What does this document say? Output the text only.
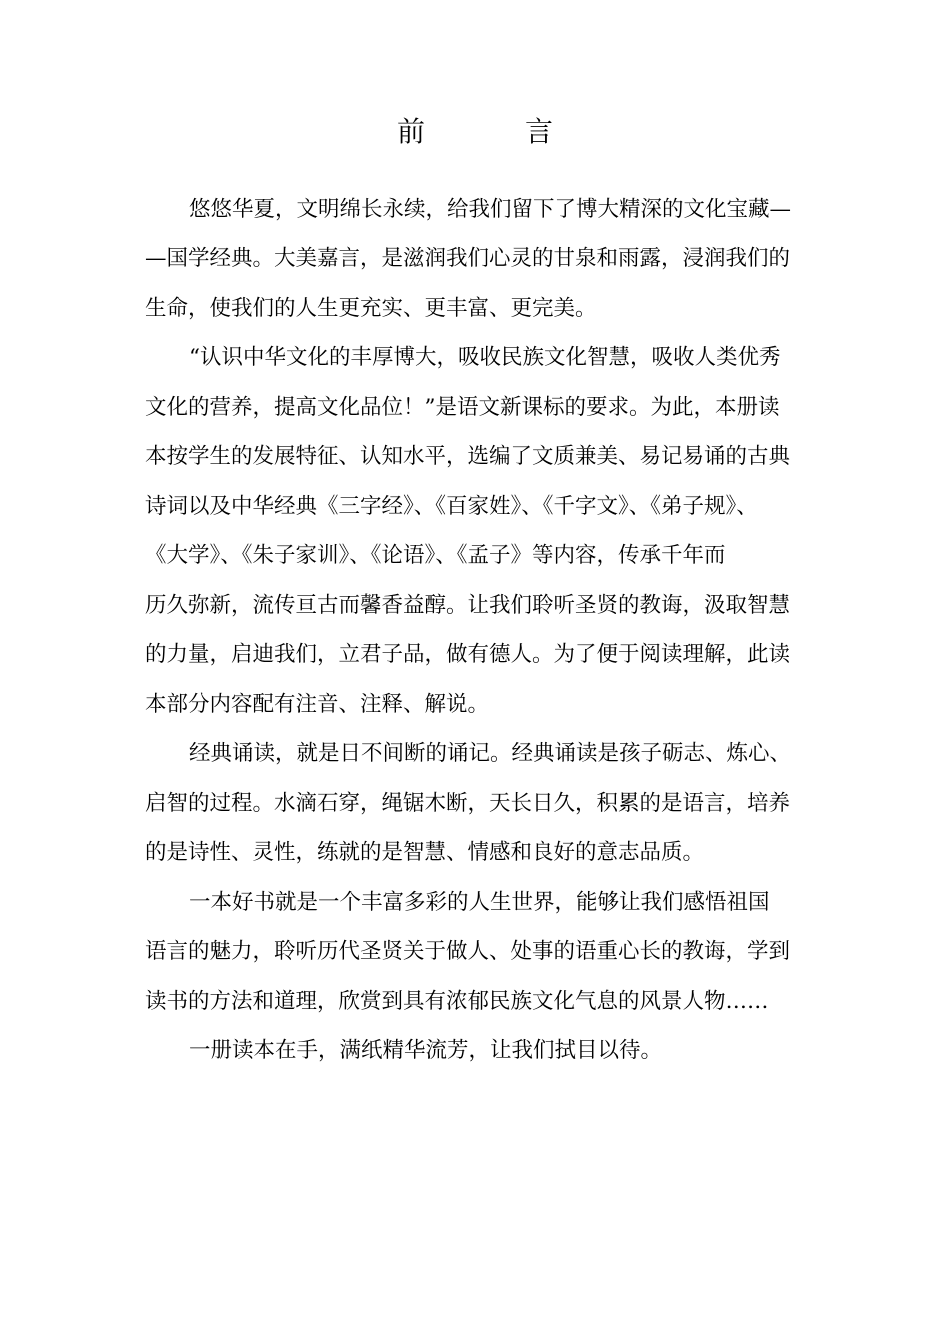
前　言

悠悠华夏，文明绵长永续，给我们留下了博大精深的文化宝藏—

—国学经典。大美嘉言，是滋润我们心灵的甘泉和雨露，浸润我们的

生命，使我们的人生更充实、更丰富、更完美。

“认识中华文化的丰厚博大，吸收民族文化智慧，吸收人类优秀

文化的营养，提高文化品位！”是语文新课标的要求。为此，本册读

本按学生的发展特征、认知水平，选编了文质兼美、易记易诵的古典

诗词以及中华经典《三字经》、《百家姓》、《千字文》、《弟子规》、

《大学》、《朱子家训》、《论语》、《孟子》等内容，传承千年而

历久弥新，流传亘古而馨香益醇。让我们聆听圣贤的教诲，汲取智慧

的力量，启迪我们，立君子品，做有德人。为了便于阅读理解，此读

本部分内容配有注音、注释、解说。

经典诵读，就是日不间断的诵记。经典诵读是孩子砺志、炼心、

启智的过程。水滴石穿，绳锯木断，天长日久，积累的是语言，培养

的是诗性、灵性，练就的是智慧、情感和良好的意志品质。

一本好书就是一个丰富多彩的人生世界，能够让我们感悟祖国

语言的魅力，聆听历代圣贤关于做人、处事的语重心长的教诲，学到

读书的方法和道理，欣赏到具有浓郁民族文化气息的风景人物……

一册读本在手，满纸精华流芳，让我们拭目以待。
